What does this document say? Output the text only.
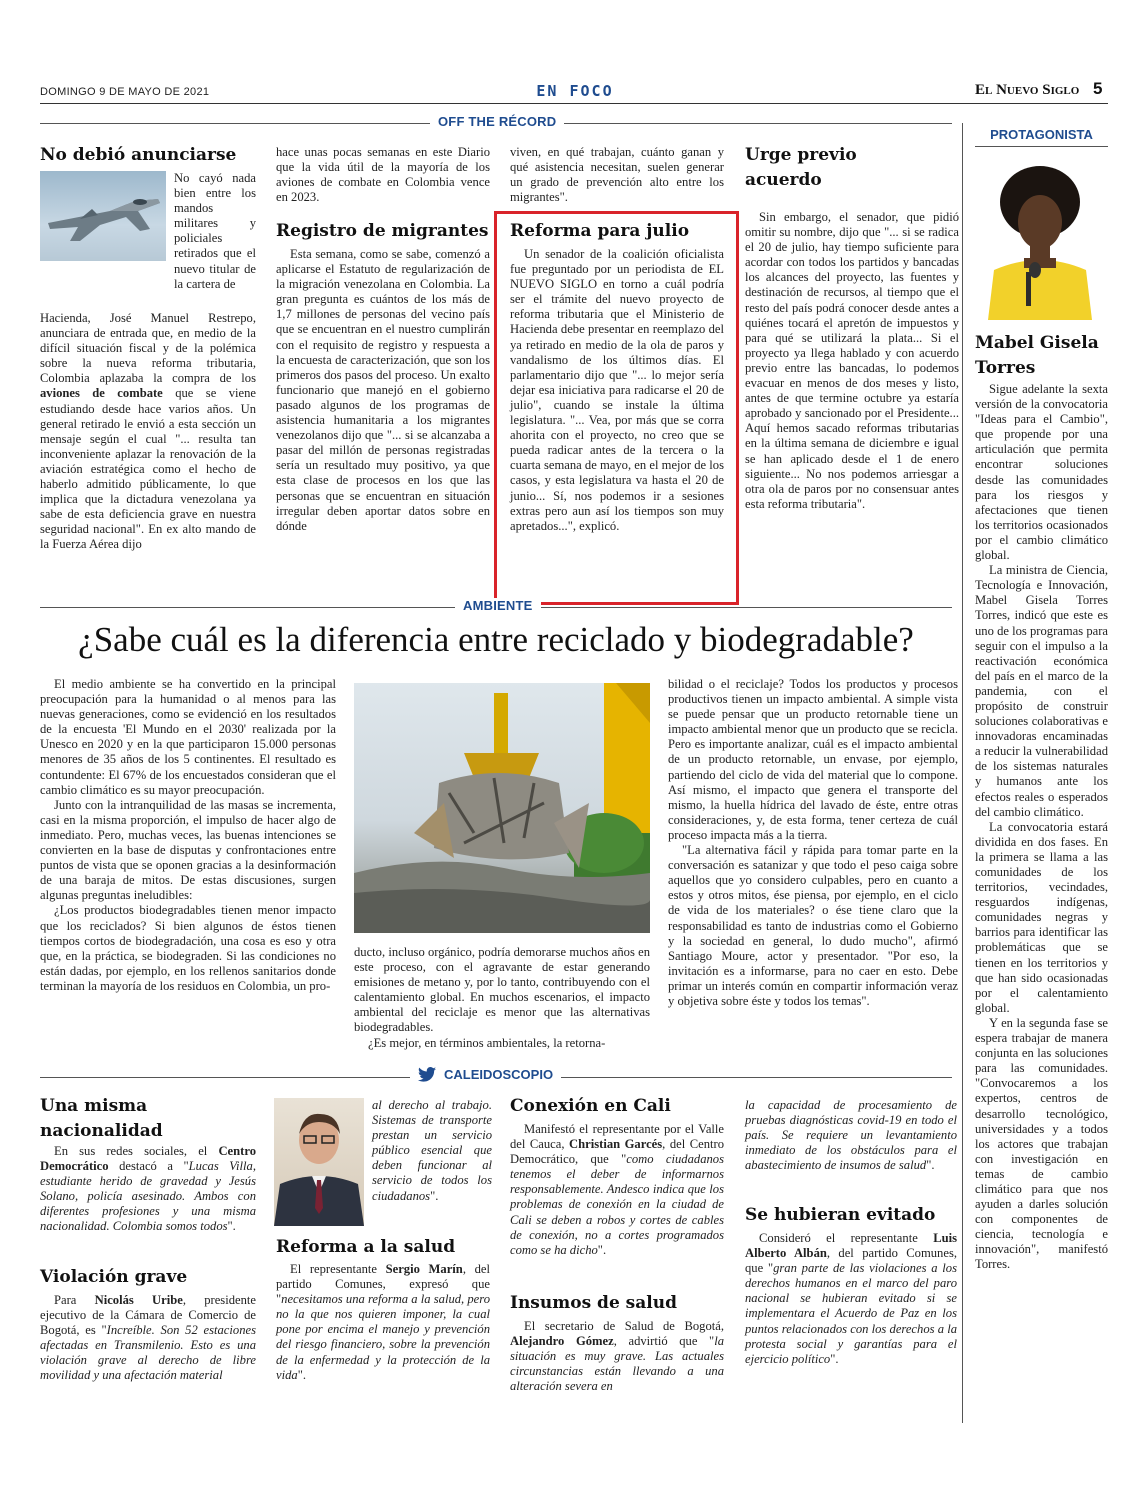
DOMINGO 9 DE MAYO DE 2021	EN FOCO	El Nuevo Siglo 5
OFF THE RÉCORD
No debió anunciarse
No cayó nada bien entre los mandos militares y policiales retirados que el nuevo titular de la cartera de
Hacienda, José Manuel Restrepo, anunciara de entrada que, en medio de la difícil situación fiscal y de la polémica sobre la nueva reforma tributaria, Colombia aplazaba la compra de los aviones de combate que se viene estudiando desde hace varios años. Un general retirado le envió a esta sección un mensaje según el cual "... resulta tan inconveniente aplazar la renovación de la aviación estratégica como el hecho de haberlo admitido públicamente, lo que implica que la dictadura venezolana ya sabe de esta deficiencia grave en nuestra seguridad nacional". En ex alto mando de la Fuerza Aérea dijo
hace unas pocas semanas en este Diario que la vida útil de la mayoría de los aviones de combate en Colombia vence en 2023.
Registro de migrantes

Esta semana, como se sabe, comenzó a aplicarse el Estatuto de regularización de la migración venezolana en Colombia. La gran pregunta es cuántos de los más de 1,7 millones de personas del vecino país que se encuentran en el nuestro cumplirán con el requisito de registro y respuesta a la encuesta de caracterización, que son los primeros dos pasos del proceso. Un exalto funcionario que manejó en el gobierno pasado algunos de los programas de asistencia humanitaria a los migrantes venezolanos dijo que "... si se alcanzaba a pasar del millón de personas registradas sería un resultado muy positivo, ya que esta clase de procesos en los que las personas que se encuentran en situación irregular deben aportar datos sobre en dónde

viven, en qué trabajan, cuánto ganan y qué asistencia necesitan, suelen generar un grado de prevención alto entre los migrantes".
Reforma para julio

Un senador de la coalición oficialista fue preguntado por un periodista de EL NUEVO SIGLO en torno a cuál podría ser el trámite del nuevo proyecto de reforma tributaria que el Ministerio de Hacienda debe presentar en reemplazo del ya retirado en medio de la ola de paros y vandalismo de los últimos días. El parlamentario dijo que "... lo mejor sería dejar esa iniciativa para radicarse el 20 de julio", cuando se instale la última legislatura. "... Vea, por más que se corra ahorita con el proyecto, no creo que se pueda radicar antes de la tercera o la cuarta semana de mayo, en el mejor de los casos, y esta legislatura va hasta el 20 de junio... Sí, nos podemos ir a sesiones extras pero aun así los tiempos son muy apretados...", explicó.

Urge previo acuerdo

Sin embargo, el senador, que pidió omitir su nombre, dijo que "... si se radica el 20 de julio, hay tiempo suficiente para acordar con todos los partidos y bancadas los alcances del proyecto, las fuentes y destinación de recursos, al tiempo que el resto del país podrá conocer desde antes a quiénes tocará el apretón de impuestos y para qué se utilizará la plata... Si el proyecto ya llega hablado y con acuerdo previo entre las bancadas, lo podemos evacuar en menos de dos meses y listo, antes de que termine octubre ya estaría aprobado y sancionado por el Presidente... Aquí hemos sacado reformas tributarias en la última semana de diciembre e igual se han aplicado desde el 1 de enero siguiente... No nos podemos arriesgar a otra ola de paros por no consensuar antes esta reforma tributaria".

PROTAGONISTA
Mabel Gisela Torres

Sigue adelante la sexta versión de la convocatoria "Ideas para el Cambio", que propende por una articulación que permita encontrar soluciones desde las comunidades para los riesgos y afectaciones que tienen los territorios ocasionados por el cambio climático global.

La ministra de Ciencia, Tecnología e Innovación, Mabel Gisela Torres Torres, indicó que este es uno de los programas para seguir con el impulso a la reactivación económica del país en el marco de la pandemia, con el propósito de construir soluciones colaborativas e innovadoras encaminadas a reducir la vulnerabilidad de los sistemas naturales y humanos ante los efectos reales o esperados del cambio climático.

La convocatoria estará dividida en dos fases. En la primera se llama a las comunidades de los territorios, vecindades, resguardos indígenas, comunidades negras y barrios para identificar las problemáticas que se tienen en los territorios y que han sido ocasionadas por el calentamiento global.

Y en la segunda fase se espera trabajar de manera conjunta en las soluciones para las comunidades. "Convocaremos a los expertos, centros de desarrollo tecnológico, universidades y a todos los actores que trabajan con investigación en temas de cambio climático para que nos ayuden a darles solución con componentes de ciencia, tecnología e innovación", manifestó Torres.

AMBIENTE
¿Sabe cuál es la diferencia entre reciclado y biodegradable?

El medio ambiente se ha convertido en la principal preocupación para la humanidad o al menos para las nuevas generaciones, como se evidenció en los resultados de la encuesta 'El Mundo en el 2030' realizada por la Unesco en 2020 y en la que participaron 15.000 personas menores de 35 años de los 5 continentes. El resultado es contundente: El 67% de los encuestados consideran que el cambio climático es su mayor preocupación.

Junto con la intranquilidad de las masas se incrementa, casi en la misma proporción, el impulso de hacer algo de inmediato. Pero, muchas veces, las buenas intenciones se convierten en la base de disputas y confrontaciones entre puntos de vista que se oponen gracias a la desinformación de una baraja de mitos. De estas discusiones, surgen algunas preguntas ineludibles:

¿Los productos biodegradables tienen menor impacto que los reciclados? Si bien algunos de éstos tienen tiempos cortos de biodegradación, una cosa es eso y otra que, en la práctica, se biodegraden. Si las condiciones no están dadas, por ejemplo, en los rellenos sanitarios donde terminan la mayoría de los residuos en Colombia, un pro-

ducto, incluso orgánico, podría demorarse muchos años en este proceso, con el agravante de estar generando emisiones de metano y, por lo tanto, contribuyendo con el calentamiento global. En muchos escenarios, el impacto ambiental del reciclaje es menor que las alternativas biodegradables.

¿Es mejor, en términos ambientales, la retorna-

bilidad o el reciclaje? Todos los productos y procesos productivos tienen un impacto ambiental. A simple vista se puede pensar que un producto retornable tiene un impacto ambiental menor que un producto que se recicla. Pero es importante analizar, cuál es el impacto ambiental de un producto retornable, un envase, por ejemplo, partiendo del ciclo de vida del material que lo compone. Así mismo, el impacto que genera el transporte del mismo, la huella hídrica del lavado de éste, entre otras consideraciones, y, de esta forma, tener certeza de cuál proceso impacta más a la tierra.

"La alternativa fácil y rápida para tomar parte en la conversación es satanizar y que todo el peso caiga sobre aquellos que yo considero culpables, pero en cuanto a estos y otros mitos, ése piensa, por ejemplo, en el ciclo de vida de los materiales? o ése tiene claro que la responsabilidad es tanto de industrias como el Gobierno y la sociedad en general, lo dudo mucho", afirmó Santiago Moure, actor y presentador. "Por eso, la invitación es a informarse, para no caer en esto. Debe primar un interés común en compartir información veraz y objetiva sobre éste y todos los temas".

CALEIDOSCOPIO
Una misma nacionalidad

En sus redes sociales, el Centro Democrático destacó a "Lucas Villa, estudiante herido de gravedad y Jesús Solano, policía asesinado. Ambos con diferentes profesiones y una misma nacionalidad. Colombia somos todos".

Violación grave

Para Nicolás Uribe, presidente ejecutivo de la Cámara de Comercio de Bogotá, es "Increíble. Son 52 estaciones afectadas en Transmilenio. Esto es una violación grave al derecho de libre movilidad y una afectación material

al derecho al trabajo. Sistemas de transporte prestan un servicio público esencial que deben funcionar al servicio de todos los ciudadanos".
Reforma a la salud

El representante Sergio Marín, del partido Comunes, expresó que "necesitamos una reforma a la salud, pero no la que nos quieren imponer, la cual pone por encima el manejo y prevención del riesgo financiero, sobre la prevención de la enfermedad y la protección de la vida".

Conexión en Cali

Manifestó el representante por el Valle del Cauca, Christian Garcés, del Centro Democrático, que "como ciudadanos tenemos el deber de informarnos responsablemente. Andesco indica que los problemas de conexión en la ciudad de Cali se deben a robos y cortes de cables de conexión, no a cortes programados como se ha dicho".

Insumos de salud

El secretario de Salud de Bogotá, Alejandro Gómez, advirtió que "la situación es muy grave. Las actuales circunstancias están llevando a una alteración severa en

la capacidad de procesamiento de pruebas diagnósticas covid-19 en todo el país. Se requiere un levantamiento inmediato de los obstáculos para el abastecimiento de insumos de salud".
Se hubieran evitado

Consideró el representante Luis Alberto Albán, del partido Comunes, que "gran parte de las violaciones a los derechos humanos en el marco del paro nacional se hubieran evitado si se implementara el Acuerdo de Paz en los puntos relacionados con los derechos a la protesta social y garantías para el ejercicio político".
